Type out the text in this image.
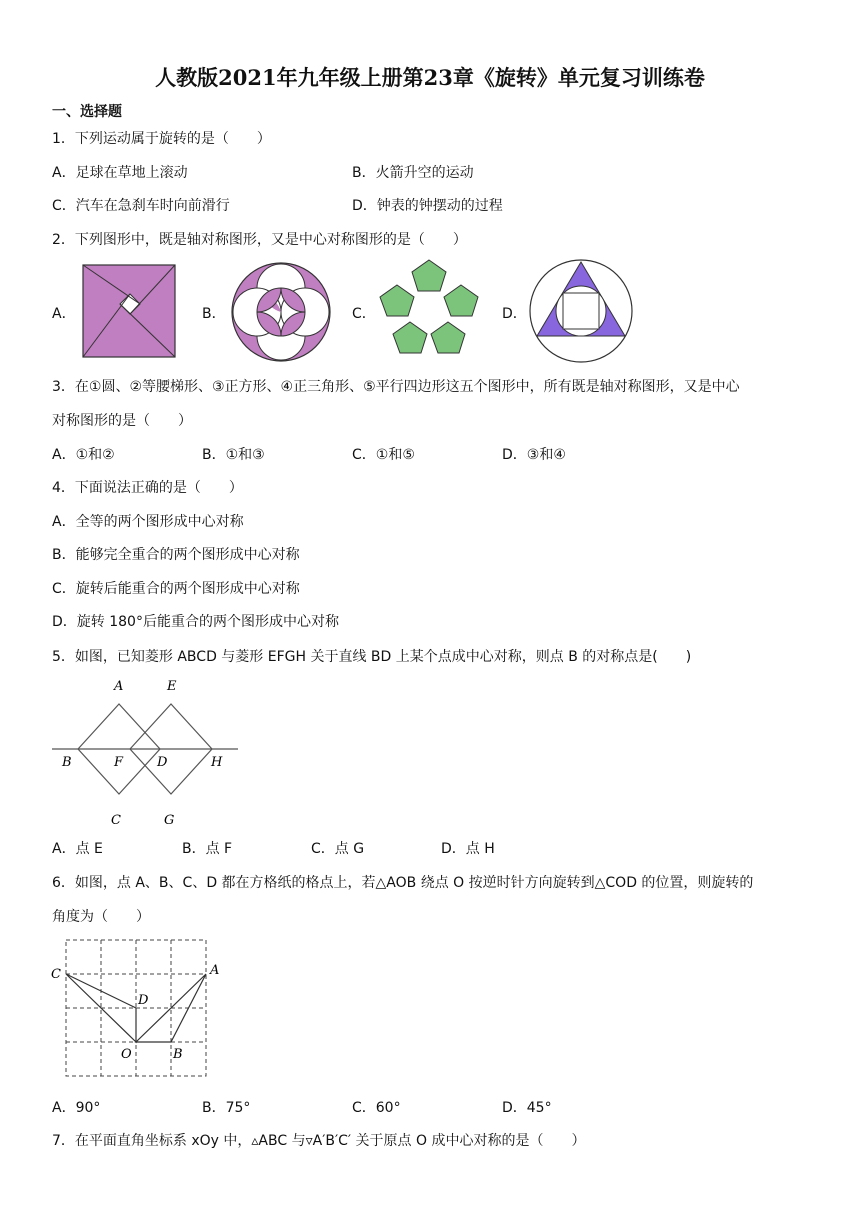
人教版2021年九年级上册第23章《旋转》单元复习训练卷
一、选择题
1．下列运动属于旋转的是（　　）
A．足球在草地上滚动	B．火箭升空的运动
C．汽车在急刹车时向前滑行	D．钟表的钟摆动的过程
2．下列图形中，既是轴对称图形，又是中心对称图形的是（　　）
A．	B．	C．	D．
3．在①圆、②等腰梯形、③正方形、④正三角形、⑤平行四边形这五个图形中，所有既是轴对称图形，又是中心
对称图形的是（　　）
A．①和②	B．①和③	C．①和⑤	D．③和④
4．下面说法正确的是（　　）
A．全等的两个图形成中心对称
B．能够完全重合的两个图形成中心对称
C．旋转后能重合的两个图形成中心对称
D．旋转 180°后能重合的两个图形成中心对称
5．如图，已知菱形 ABCD 与菱形 EFGH 关于直线 BD 上某个点成中心对称，则点 B 的对称点是(　　)
A	E
B	F	D	H
C	G
A．点 E	B．点 F	C．点 G	D．点 H
6．如图，点 A、B、C、D 都在方格纸的格点上，若△AOB 绕点 O 按逆时针方向旋转到△COD 的位置，则旋转的
角度为（　　）
C	A
D
O	B
A．90°	B．75°	C．60°	D．45°
7．在平面直角坐标系 xOy 中，▵ABC 与▿A′B′C′ 关于原点 O 成中心对称的是（　　）
